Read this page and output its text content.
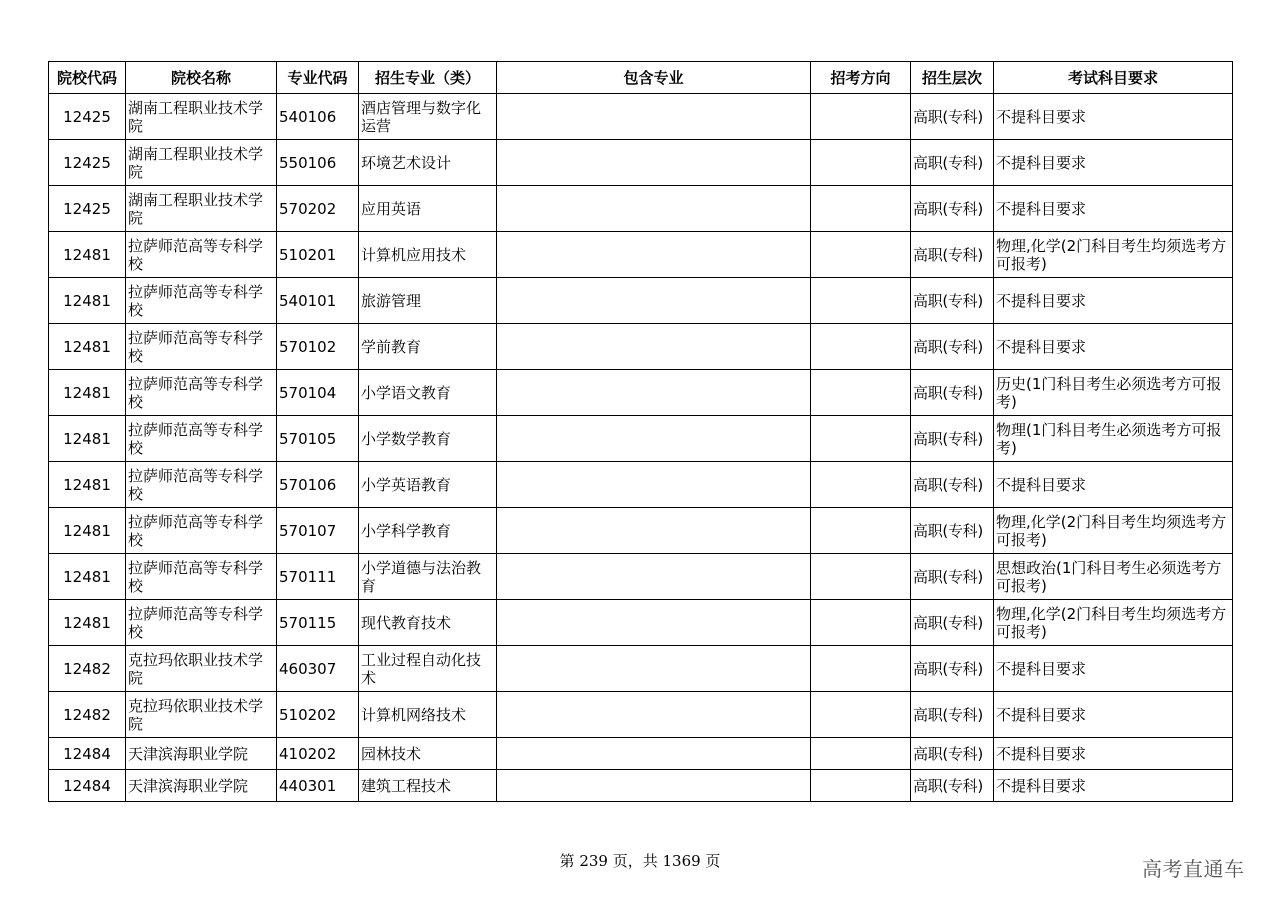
院校代码	院校名称	专业代码	招生专业（类）	包含专业	招考方向	招生层次	考试科目要求
12425	湖南工程职业技术学院	540106	酒店管理与数字化运营			高职(专科)	不提科目要求
12425	湖南工程职业技术学院	550106	环境艺术设计			高职(专科)	不提科目要求
12425	湖南工程职业技术学院	570202	应用英语			高职(专科)	不提科目要求
12481	拉萨师范高等专科学校	510201	计算机应用技术			高职(专科)	物理,化学(2门科目考生均须选考方可报考)
12481	拉萨师范高等专科学校	540101	旅游管理			高职(专科)	不提科目要求
12481	拉萨师范高等专科学校	570102	学前教育			高职(专科)	不提科目要求
12481	拉萨师范高等专科学校	570104	小学语文教育			高职(专科)	历史(1门科目考生必须选考方可报考)
12481	拉萨师范高等专科学校	570105	小学数学教育			高职(专科)	物理(1门科目考生必须选考方可报考)
12481	拉萨师范高等专科学校	570106	小学英语教育			高职(专科)	不提科目要求
12481	拉萨师范高等专科学校	570107	小学科学教育			高职(专科)	物理,化学(2门科目考生均须选考方可报考)
12481	拉萨师范高等专科学校	570111	小学道德与法治教育			高职(专科)	思想政治(1门科目考生必须选考方可报考)
12481	拉萨师范高等专科学校	570115	现代教育技术			高职(专科)	物理,化学(2门科目考生均须选考方可报考)
12482	克拉玛依职业技术学院	460307	工业过程自动化技术			高职(专科)	不提科目要求
12482	克拉玛依职业技术学院	510202	计算机网络技术			高职(专科)	不提科目要求
12484	天津滨海职业学院	410202	园林技术			高职(专科)	不提科目要求
12484	天津滨海职业学院	440301	建筑工程技术			高职(专科)	不提科目要求
第 239 页，共 1369 页	高考直通车
